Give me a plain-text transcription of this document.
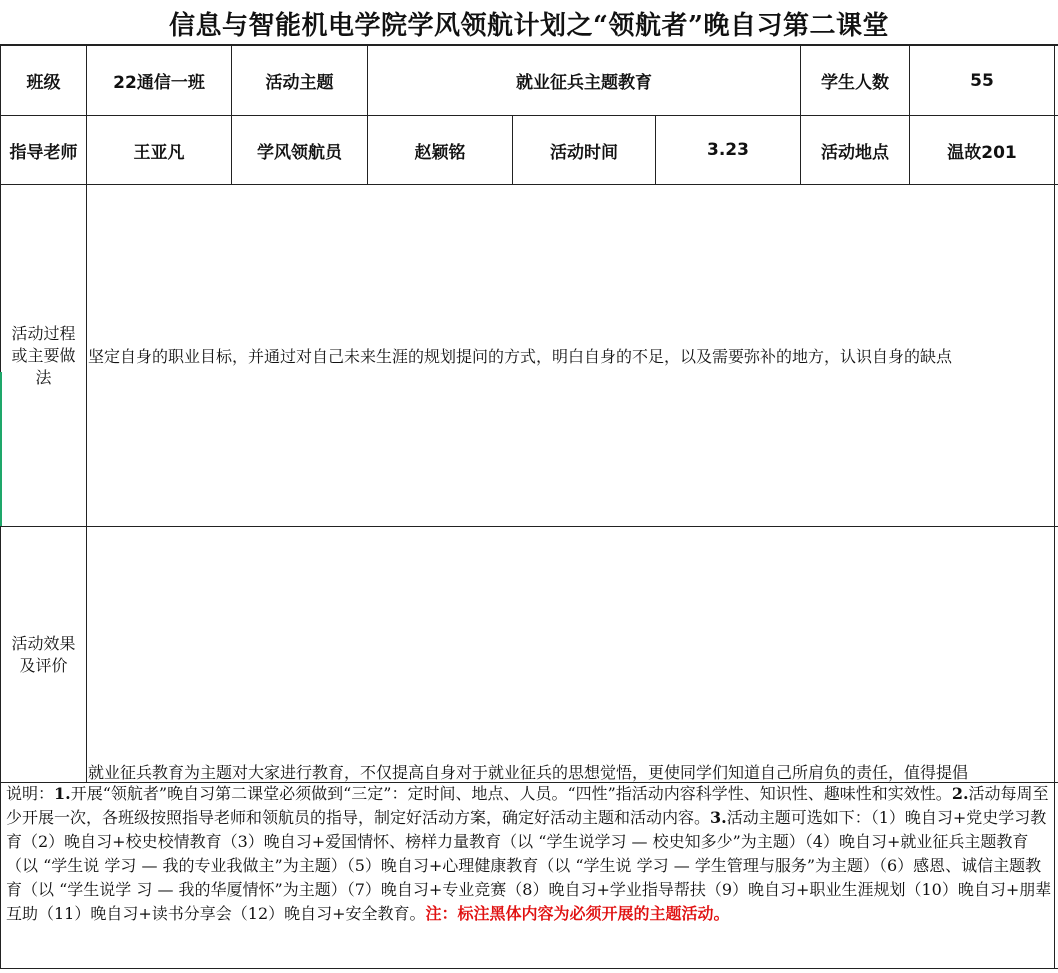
信息与智能机电学院学风领航计划之“领航者”晚自习第二课堂
班级	22通信一班	活动主题	就业征兵主题教育	学生人数	55
指导老师	王亚凡	学风领航员	赵颖铭	活动时间	3.23	活动地点	温故201
活动过程或主要做法
坚定自身的职业目标，并通过对自己未来生涯的规划提问的方式，明白自身的不足，以及需要弥补的地方，认识自身的缺点
活动效果及评价
就业征兵教育为主题对大家进行教育，不仅提高自身对于就业征兵的思想觉悟，更使同学们知道自己所肩负的责任，值得提倡
说明：1.开展“领航者”晚自习第二课堂必须做到“三定”：定时间、地点、人员。“四性”指活动内容科学性、知识性、趣味性和实效性。2.活动每周至少开展一次，各班级按照指导老师和领航员的指导，制定好活动方案，确定好活动主题和活动内容。3.活动主题可选如下：（1）晚自习+党史学习教育（2）晚自习+校史校情教育（3）晚自习+爱国情怀、榜样力量教育（以 “学生说学习 — 校史知多少”为主题）（4）晚自习+就业征兵主题教育（以 “学生说 学习 — 我的专业我做主”为主题）（5）晚自习+心理健康教育（以 “学生说 学习 — 学生管理与服务”为主题）（6）感恩、诚信主题教育（以 “学生说学 习 — 我的华厦情怀”为主题）（7）晚自习+专业竞赛（8）晚自习+学业指导帮扶（9）晚自习+职业生涯规划（10）晚自习+朋辈互助（11）晚自习+读书分享会（12）晚自习+安全教育。注：标注黑体内容为必须开展的主题活动。
